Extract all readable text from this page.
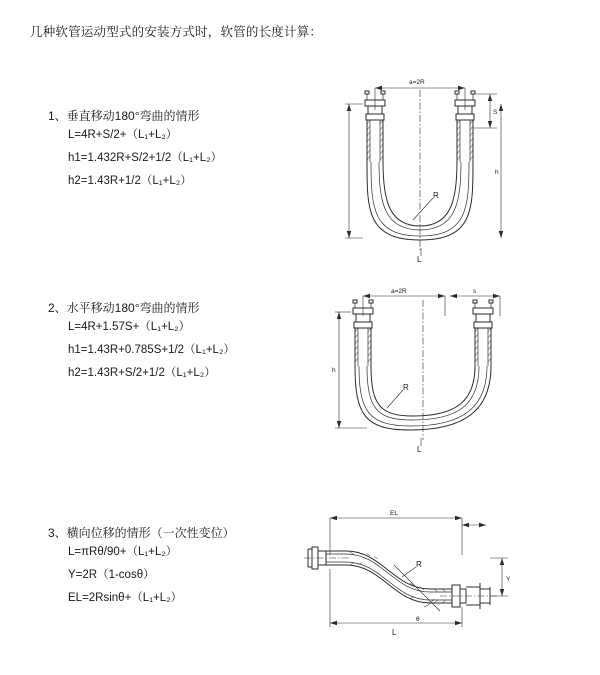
几种软管运动型式的安装方式时，软管的长度计算：
1、垂直移动180°弯曲的情形
L=4R+S/2+（L₁+L₂）
h1=1.432R+S/2+1/2（L₁+L₂）
h2=1.43R+1/2（L₁+L₂）
a=2R
S
h
R
L
2、水平移动180°弯曲的情形
L=4R+1.57S+（L₁+L₂）
h1=1.43R+0.785S+1/2（L₁+L₂）
h2=1.43R+S/2+1/2（L₁+L₂）
a=2R	s
h
R
L
3、横向位移的情形（一次性变位）
L=πRθ/90+（L₁+L₂）
Y=2R（1-cosθ）
EL=2Rsinθ+（L₁+L₂）
EL
Y
θ
R
L
